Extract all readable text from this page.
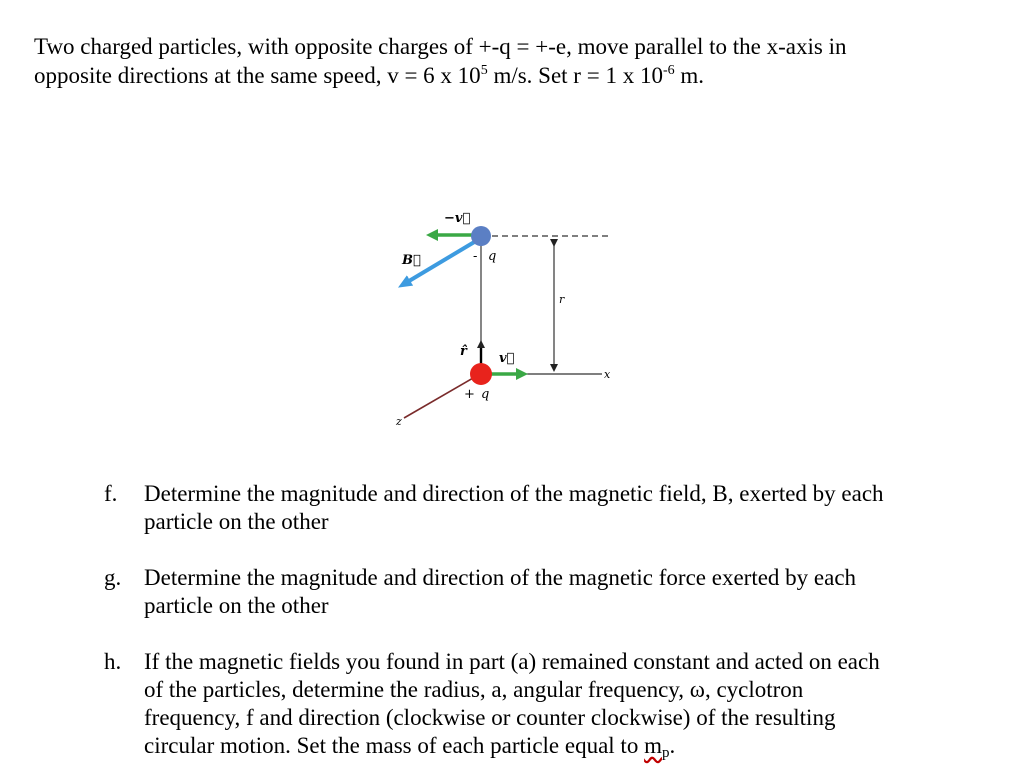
Two charged particles, with opposite charges of +-q = +-e, move parallel to the x-axis in
opposite directions at the same speed, v = 6 x $10^5$ m/s. Set r = 1 x $10^{-6}$ m.
−v⃗
B⃗	- q
r̂ v⃗
r
+ q
x
z
f.	Determine the magnitude and direction of the magnetic field, B, exerted by each
particle on the other
g. Determine the magnitude and direction of the magnetic force exerted by each
particle on the other
h. If the magnetic fields you found in part (a) remained constant and acted on each
of the particles, determine the radius, a, angular frequency, ω, cyclotron
frequency, f and direction (clockwise or counter clockwise) of the resulting
circular motion. Set the mass of each particle equal to $m_p$.
